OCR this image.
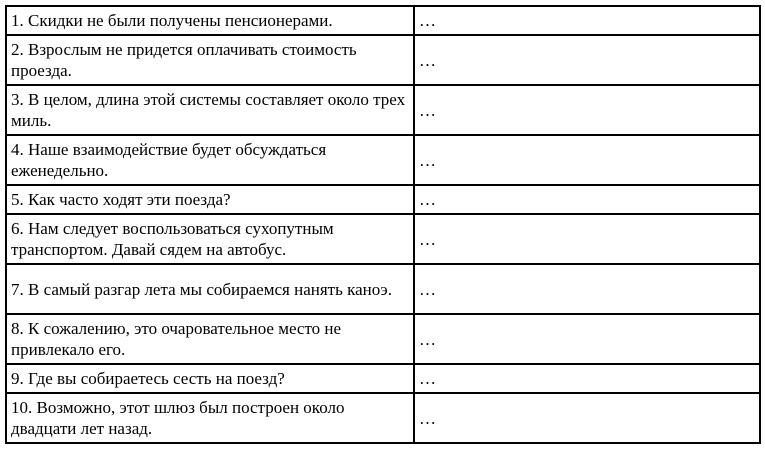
1. Скидки не были получены пенсионерами.	…
2. Взрослым не придется оплачивать стоимость проезда.	…
3. В целом, длина этой системы составляет около трех миль.	…
4. Наше взаимодействие будет обсуждаться еженедельно.	…
5. Как часто ходят эти поезда?	…
6. Нам следует воспользоваться сухопутным транспортом. Давай сядем на автобус.	…
7. В самый разгар лета мы собираемся нанять каноэ.	…
8. К сожалению, это очаровательное место не привлекало его.	…
9. Где вы собираетесь сесть на поезд?	…
10. Возможно, этот шлюз был построен около двадцати лет назад.	…
